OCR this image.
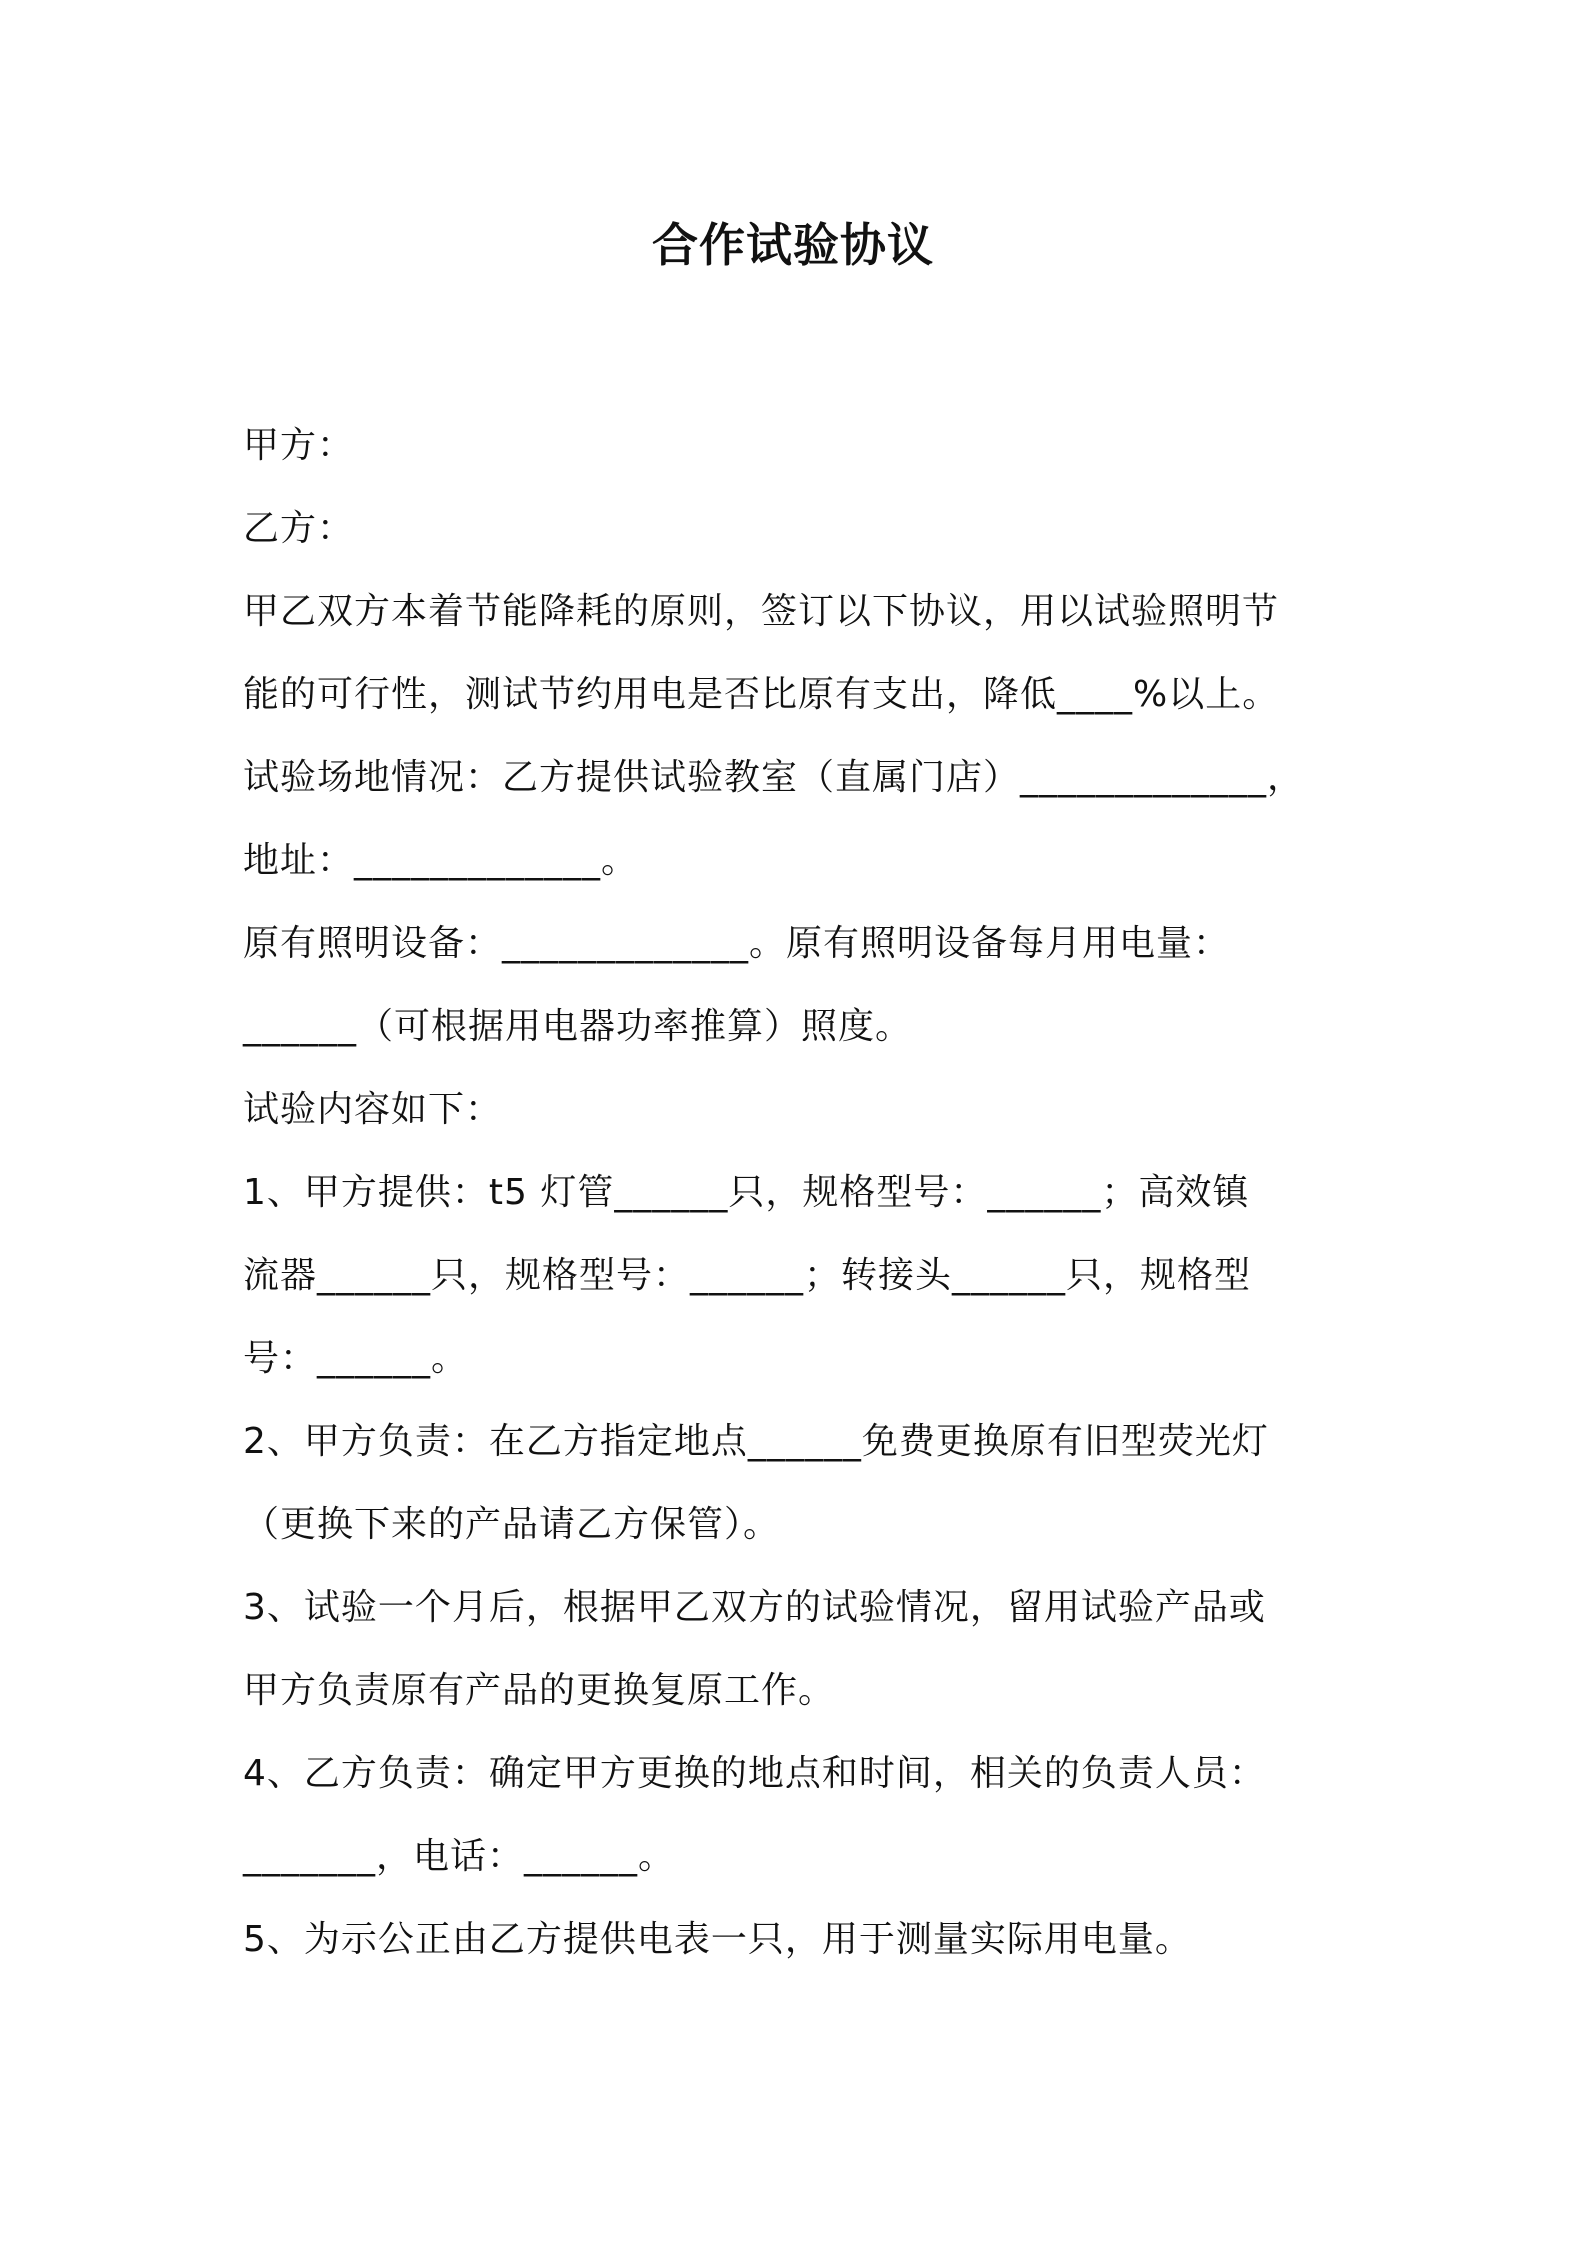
合作试验协议
甲方：
乙方：
甲乙双方本着节能降耗的原则，签订以下协议，用以试验照明节
能的可行性，测试节约用电是否比原有支出，降低____%以上。
试验场地情况：乙方提供试验教室（直属门店）_____________，
地址：_____________。
原有照明设备：_____________。原有照明设备每月用电量：
______（可根据用电器功率推算）照度。
试验内容如下：
1、甲方提供：t5 灯管______只，规格型号：______；高效镇
流器______只，规格型号：______；转接头______只，规格型
号：______。
2、甲方负责：在乙方指定地点______免费更换原有旧型荧光灯
（更换下来的产品请乙方保管）。
3、试验一个月后，根据甲乙双方的试验情况，留用试验产品或
甲方负责原有产品的更换复原工作。
4、乙方负责：确定甲方更换的地点和时间，相关的负责人员：
_______，电话：______。
5、为示公正由乙方提供电表一只，用于测量实际用电量。
